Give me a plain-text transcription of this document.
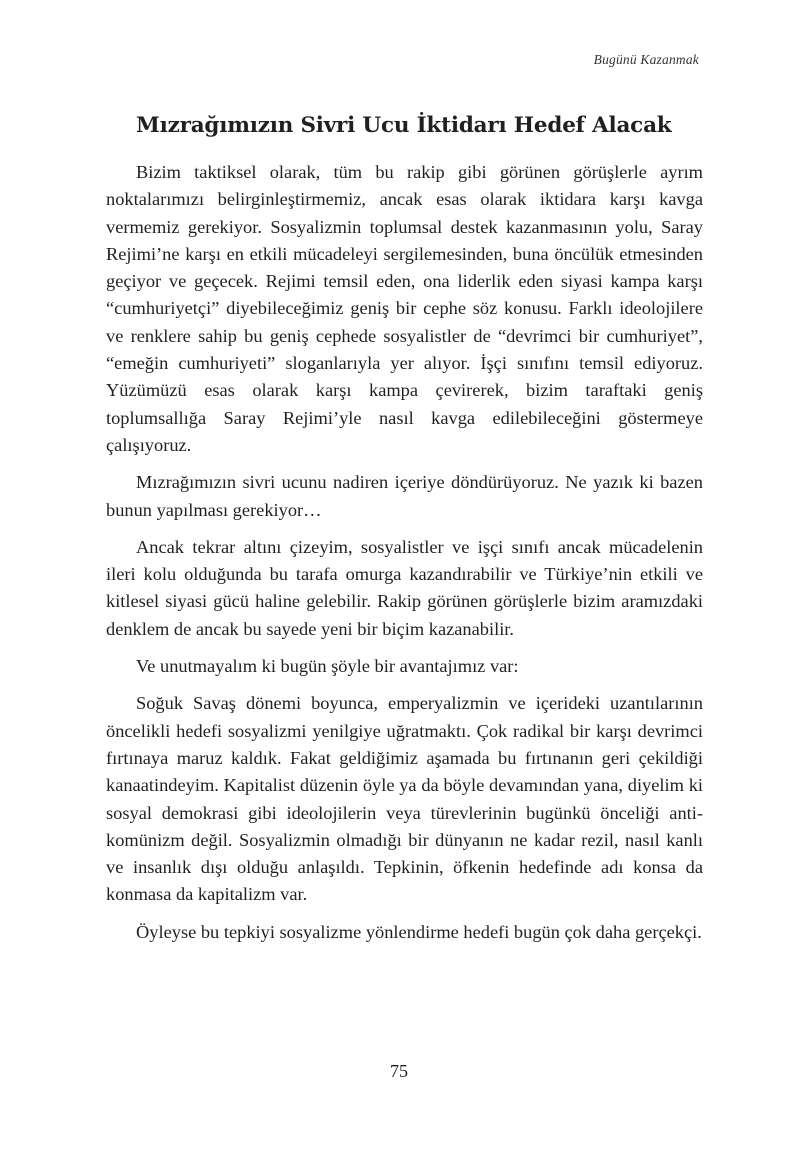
Bugünü Kazanmak
Mızrağımızın Sivri Ucu İktidarı Hedef Alacak

Bizim taktiksel olarak, tüm bu rakip gibi görünen görüşlerle ayrım noktalarımızı belirginleştirmemiz, ancak esas olarak iktidara karşı kavga vermemiz gerekiyor. Sosyalizmin toplumsal destek kazanmasının yolu, Saray Rejimi’ne karşı en etkili mücadeleyi sergilemesinden, buna öncülük etmesinden geçiyor ve geçecek. Rejimi temsil eden, ona liderlik eden siyasi kampa karşı “cumhuriyetçi” diyebileceğimiz geniş bir cephe söz konusu. Farklı ideolojilere ve renklere sahip bu geniş cephede sosyalistler de “devrimci bir cumhuriyet”, “emeğin cumhuriyeti” sloganlarıyla yer alıyor. İşçi sınıfını temsil ediyoruz. Yüzümüzü esas olarak karşı kampa çevirerek, bizim taraftaki geniş toplumsallığa Saray Rejimi’yle nasıl kavga edilebileceğini göstermeye çalışıyoruz.

Mızrağımızın sivri ucunu nadiren içeriye döndürüyoruz. Ne yazık ki bazen bunun yapılması gerekiyor…

Ancak tekrar altını çizeyim, sosyalistler ve işçi sınıfı ancak mücadelenin ileri kolu olduğunda bu tarafa omurga kazandırabilir ve Türkiye’nin etkili ve kitlesel siyasi gücü haline gelebilir. Rakip görünen görüşlerle bizim aramızdaki denklem de ancak bu sayede yeni bir biçim kazanabilir.

Ve unutmayalım ki bugün şöyle bir avantajımız var:

Soğuk Savaş dönemi boyunca, emperyalizmin ve içerideki uzantılarının öncelikli hedefi sosyalizmi yenilgiye uğratmaktı. Çok radikal bir karşı devrimci fırtınaya maruz kaldık. Fakat geldiğimiz aşamada bu fırtınanın geri çekildiği kanaatindeyim. Kapitalist düzenin öyle ya da böyle devamından yana, diyelim ki sosyal demokrasi gibi ideolojilerin veya türevlerinin bugünkü önceliği anti-komünizm değil. Sosyalizmin olmadığı bir dünyanın ne kadar rezil, nasıl kanlı ve insanlık dışı olduğu anlaşıldı. Tepkinin, öfkenin hedefinde adı konsa da konmasa da kapitalizm var.

Öyleyse bu tepkiyi sosyalizme yönlendirme hedefi bugün çok daha gerçekçi.

75
